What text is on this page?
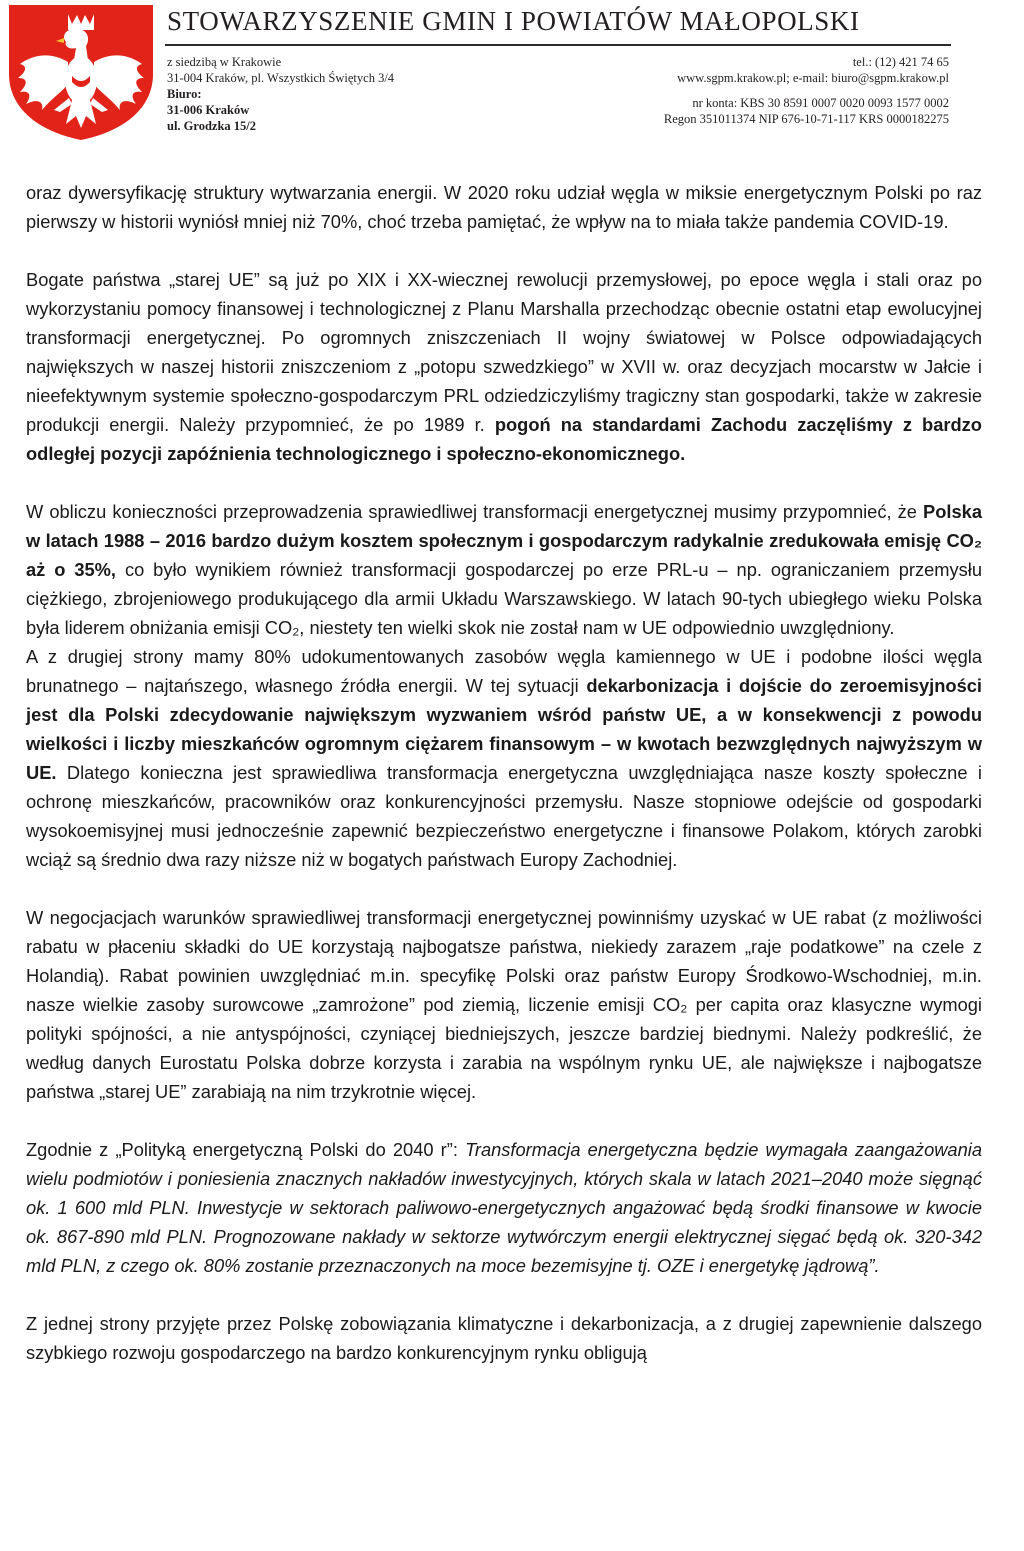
STOWARZYSZENIE GMIN I POWIATÓW MAŁOPOLSKI
z siedzibą w Krakowie
31-004 Kraków, pl. Wszystkich Świętych 3/4
Biuro:
31-006 Kraków
ul. Grodzka 15/2
tel.: (12) 421 74 65
www.sgpm.krakow.pl; e-mail: biuro@sgpm.krakow.pl
nr konta: KBS 30 8591 0007 0020 0093 1577 0002
Regon 351011374 NIP 676-10-71-117 KRS 0000182275

oraz dywersyfikację struktury wytwarzania energii. W 2020 roku udział węgla w miksie energetycznym Polski po raz pierwszy w historii wyniósł mniej niż 70%, choć trzeba pamiętać, że wpływ na to miała także pandemia COVID-19.

Bogate państwa „starej UE” są już po XIX i XX-wiecznej rewolucji przemysłowej, po epoce węgla i stali oraz po wykorzystaniu pomocy finansowej i technologicznej z Planu Marshalla przechodząc obecnie ostatni etap ewolucyjnej transformacji energetycznej. Po ogromnych zniszczeniach II wojny światowej w Polsce odpowiadających największych w naszej historii zniszczeniom z „potopu szwedzkiego” w XVII w. oraz decyzjach mocarstw w Jałcie i nieefektywnym systemie społeczno-gospodarczym PRL odziedziczyliśmy tragiczny stan gospodarki, także w zakresie produkcji energii. Należy przypomnieć, że po 1989 r. pogoń na standardami Zachodu zaczęliśmy z bardzo odległej pozycji zapóźnienia technologicznego i społeczno-ekonomicznego.

W obliczu konieczności przeprowadzenia sprawiedliwej transformacji energetycznej musimy przypomnieć, że Polska w latach 1988 – 2016 bardzo dużym kosztem społecznym i gospodarczym radykalnie zredukowała emisję CO₂ aż o 35%, co było wynikiem również transformacji gospodarczej po erze PRL-u – np. ograniczaniem przemysłu ciężkiego, zbrojeniowego produkującego dla armii Układu Warszawskiego. W latach 90-tych ubiegłego wieku Polska była liderem obniżania emisji CO₂, niestety ten wielki skok nie został nam w UE odpowiednio uwzględniony.

A z drugiej strony mamy 80% udokumentowanych zasobów węgla kamiennego w UE i podobne ilości węgla brunatnego – najtańszego, własnego źródła energii. W tej sytuacji dekarbonizacja i dojście do zeroemisyjności jest dla Polski zdecydowanie największym wyzwaniem wśród państw UE, a w konsekwencji z powodu wielkości i liczby mieszkańców ogromnym ciężarem finansowym – w kwotach bezwzględnych najwyższym w UE. Dlatego konieczna jest sprawiedliwa transformacja energetyczna uwzględniająca nasze koszty społeczne i ochronę mieszkańców, pracowników oraz konkurencyjności przemysłu. Nasze stopniowe odejście od gospodarki wysokoemisyjnej musi jednocześnie zapewnić bezpieczeństwo energetyczne i finansowe Polakom, których zarobki wciąż są średnio dwa razy niższe niż w bogatych państwach Europy Zachodniej.

W negocjacjach warunków sprawiedliwej transformacji energetycznej powinniśmy uzyskać w UE rabat (z możliwości rabatu w płaceniu składki do UE korzystają najbogatsze państwa, niekiedy zarazem „raje podatkowe” na czele z Holandią). Rabat powinien uwzględniać m.in. specyfikę Polski oraz państw Europy Środkowo-Wschodniej, m.in. nasze wielkie zasoby surowcowe „zamrożone” pod ziemią, liczenie emisji CO₂ per capita oraz klasyczne wymogi polityki spójności, a nie antyspójności, czyniącej biedniejszych, jeszcze bardziej biednymi. Należy podkreślić, że według danych Eurostatu Polska dobrze korzysta i zarabia na wspólnym rynku UE, ale największe i najbogatsze państwa „starej UE” zarabiają na nim trzykrotnie więcej.

Zgodnie z „Polityką energetyczną Polski do 2040 r”: Transformacja energetyczna będzie wymagała zaangażowania wielu podmiotów i poniesienia znacznych nakładów inwestycyjnych, których skala w latach 2021–2040 może sięgnąć ok. 1 600 mld PLN. Inwestycje w sektorach paliwowo-energetycznych angażować będą środki finansowe w kwocie ok. 867-890 mld PLN. Prognozowane nakłady w sektorze wytwórczym energii elektrycznej sięgać będą ok. 320-342 mld PLN, z czego ok. 80% zostanie przeznaczonych na moce bezemisyjne tj. OZE i energetykę jądrową”.

Z jednej strony przyjęte przez Polskę zobowiązania klimatyczne i dekarbonizacja, a z drugiej zapewnienie dalszego szybkiego rozwoju gospodarczego na bardzo konkurencyjnym rynku obligują
